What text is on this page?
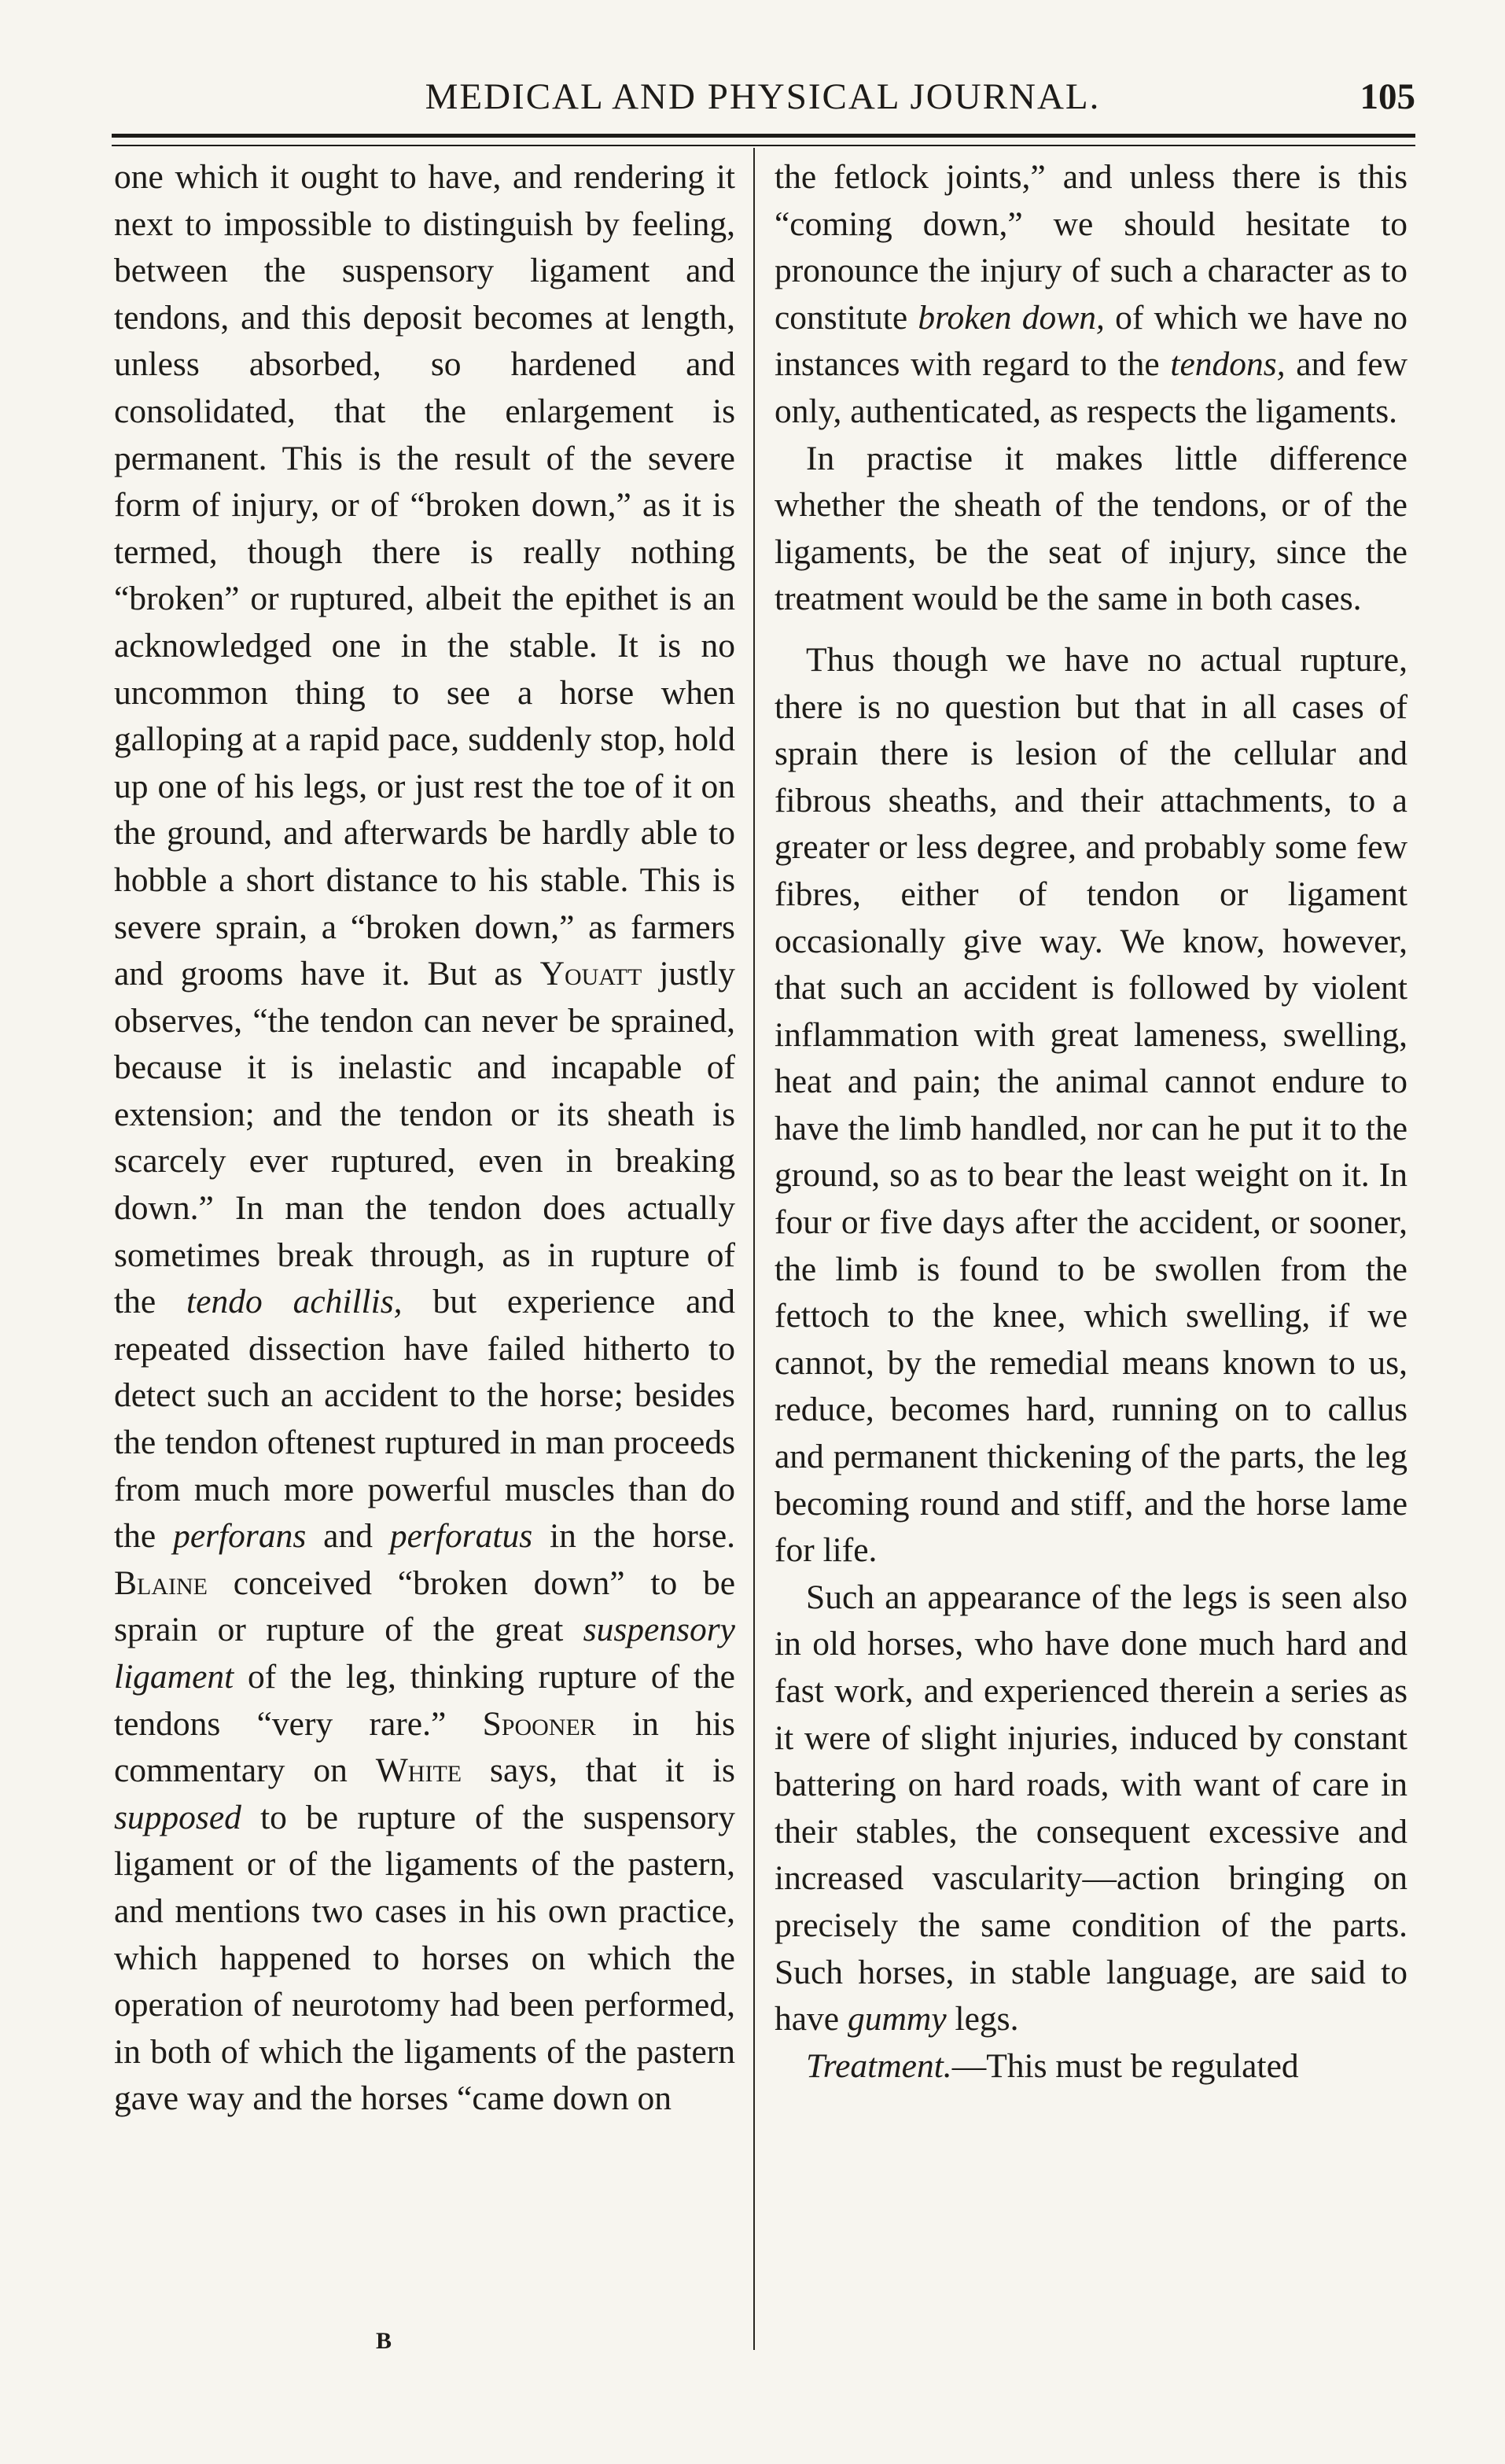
MEDICAL AND PHYSICAL JOURNAL.	105

one which it ought to have, and rendering it next to impossible to distinguish by feeling, between the suspensory ligament and tendons, and this deposit becomes at length, unless absorbed, so hardened and consolidated, that the enlargement is permanent. This is the result of the severe form of injury, or of “broken down,” as it is termed, though there is really nothing “broken” or ruptured, albeit the epithet is an acknowledged one in the stable. It is no uncommon thing to see a horse when galloping at a rapid pace, suddenly stop, hold up one of his legs, or just rest the toe of it on the ground, and afterwards be hardly able to hobble a short distance to his stable. This is severe sprain, a “broken down,” as farmers and grooms have it. But as Youatt justly observes, “the tendon can never be sprained, because it is inelastic and incapable of extension; and the tendon or its sheath is scarcely ever ruptured, even in breaking down.” In man the tendon does actually sometimes break through, as in rupture of the tendo achillis, but experience and repeated dissection have failed hitherto to detect such an accident to the horse; besides the tendon oftenest ruptured in man proceeds from much more powerful muscles than do the perforans and perforatus in the horse. Blaine conceived “broken down” to be sprain or rupture of the great suspensory ligament of the leg, thinking rupture of the tendons “very rare.” Spooner in his commentary on White says, that it is supposed to be rupture of the suspensory ligament or of the ligaments of the pastern, and mentions two cases in his own practice, which happened to horses on which the operation of neurotomy had been performed, in both of which the ligaments of the pastern gave way and the horses “came down on

the fetlock joints,” and unless there is this “coming down,” we should hesitate to pronounce the injury of such a character as to constitute broken down, of which we have no instances with regard to the tendons, and few only, authenticated, as respects the ligaments.

In practise it makes little difference whether the sheath of the tendons, or of the ligaments, be the seat of injury, since the treatment would be the same in both cases.

Thus though we have no actual rupture, there is no question but that in all cases of sprain there is lesion of the cellular and fibrous sheaths, and their attachments, to a greater or less degree, and probably some few fibres, either of tendon or ligament occasionally give way. We know, however, that such an accident is followed by violent inflammation with great lameness, swelling, heat and pain; the animal cannot endure to have the limb handled, nor can he put it to the ground, so as to bear the least weight on it. In four or five days after the accident, or sooner, the limb is found to be swollen from the fettoch to the knee, which swelling, if we cannot, by the remedial means known to us, reduce, becomes hard, running on to callus and permanent thickening of the parts, the leg becoming round and stiff, and the horse lame for life.

Such an appearance of the legs is seen also in old horses, who have done much hard and fast work, and experienced therein a series as it were of slight injuries, induced by constant battering on hard roads, with want of care in their stables, the consequent excessive and increased vascularity—action bringing on precisely the same condition of the parts. Such horses, in stable language, are said to have gummy legs.

Treatment.—This must be regulated

B
